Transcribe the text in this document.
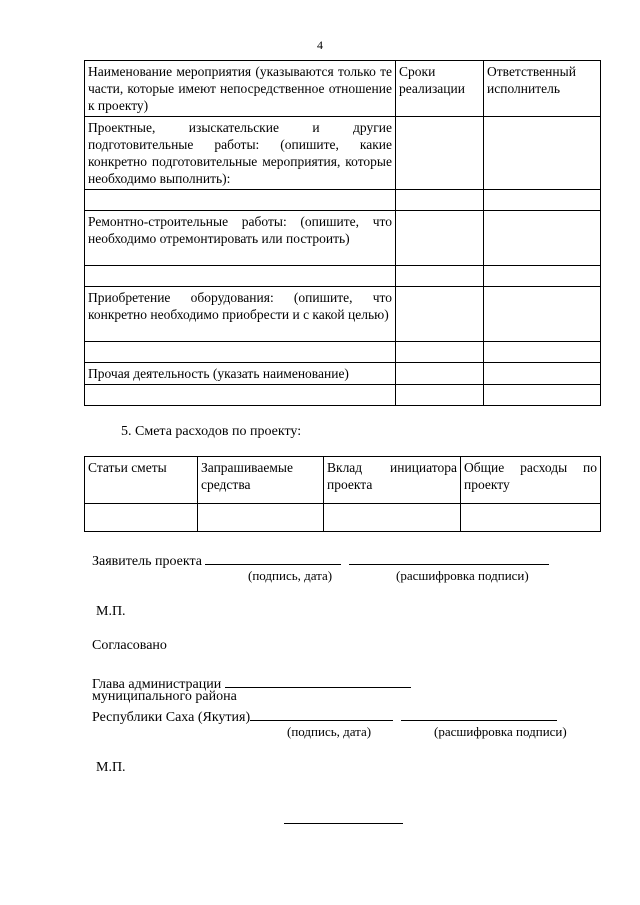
4
Наименование мероприятия (указываются только те части, которые имеют непосредственное отношение к проекту)	Сроки реализации	Ответственный исполнитель
Проектные, изыскательские и другие подготовительные работы: (опишите, какие конкретно подготовительные мероприятия, которые необходимо выполнить):		

Ремонтно-строительные работы: (опишите, что необходимо отремонтировать или построить)		

Приобретение оборудования: (опишите, что конкретно необходимо приобрести и с какой целью)		

Прочая деятельность (указать наименование)		

5. Смета расходов по проекту:
Статьи сметы	Запрашиваемые средства	Вклад инициатора проекта	Общие расходы по проекту

Заявитель проекта
(подпись, дата)	(расшифровка подписи)
М.П.
Согласовано
Глава администрации
муниципального района
Республики Саха (Якутия)
(подпись, дата)	(расшифровка подписи)
М.П.
